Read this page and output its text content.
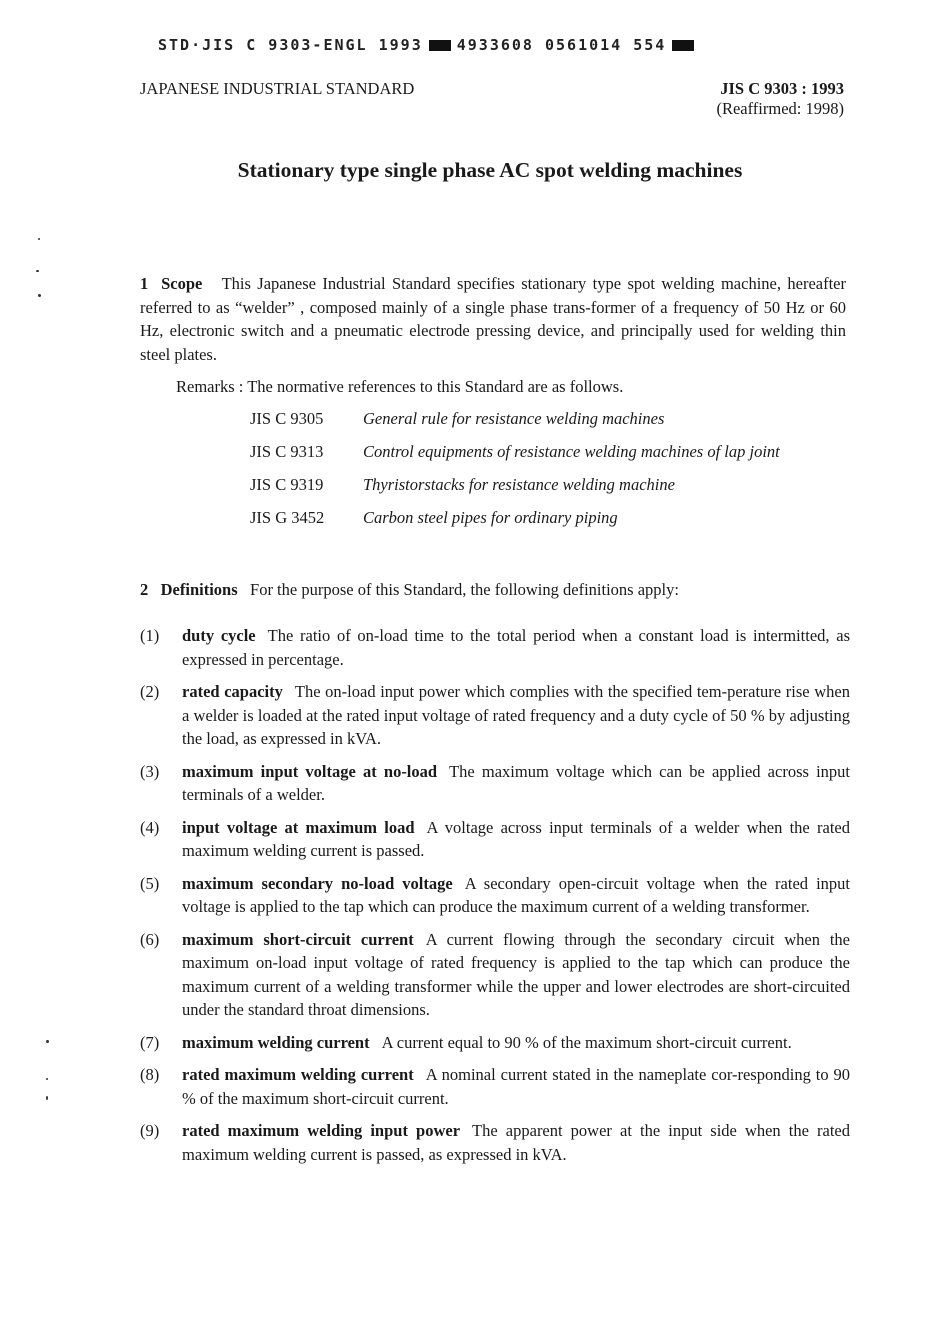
STD·JIS C 9303-ENGL 1993 4933608 0561014 554
JAPANESE INDUSTRIAL STANDARD	JIS C 9303 : 1993
(Reaffirmed: 1998)
Stationary type single phase AC spot welding machines
1 Scope This Japanese Industrial Standard specifies stationary type spot welding machine, hereafter referred to as “welder” , composed mainly of a single phase trans-former of a frequency of 50 Hz or 60 Hz, electronic switch and a pneumatic electrode pressing device, and principally used for welding thin steel plates.
Remarks : The normative references to this Standard are as follows.
JIS C 9305	General rule for resistance welding machines
JIS C 9313	Control equipments of resistance welding machines of lap joint
JIS C 9319	Thyristorstacks for resistance welding machine
JIS G 3452	Carbon steel pipes for ordinary piping
2 Definitions For the purpose of this Standard, the following definitions apply:
(1)	duty cycle The ratio of on-load time to the total period when a constant load is intermitted, as expressed in percentage.
(2)	rated capacity The on-load input power which complies with the specified tem-perature rise when a welder is loaded at the rated input voltage of rated frequency and a duty cycle of 50 % by adjusting the load, as expressed in kVA.
(3)	maximum input voltage at no-load The maximum voltage which can be applied across input terminals of a welder.
(4)	input voltage at maximum load A voltage across input terminals of a welder when the rated maximum welding current is passed.
(5)	maximum secondary no-load voltage A secondary open-circuit voltage when the rated input voltage is applied to the tap which can produce the maximum current of a welding transformer.
(6)	maximum short-circuit current A current flowing through the secondary circuit when the maximum on-load input voltage of rated frequency is applied to the tap which can produce the maximum current of a welding transformer while the upper and lower electrodes are short-circuited under the standard throat dimensions.
(7)	maximum welding current A current equal to 90 % of the maximum short-circuit current.
(8)	rated maximum welding current A nominal current stated in the nameplate cor-responding to 90 % of the maximum short-circuit current.
(9)	rated maximum welding input power The apparent power at the input side when the rated maximum welding current is passed, as expressed in kVA.
